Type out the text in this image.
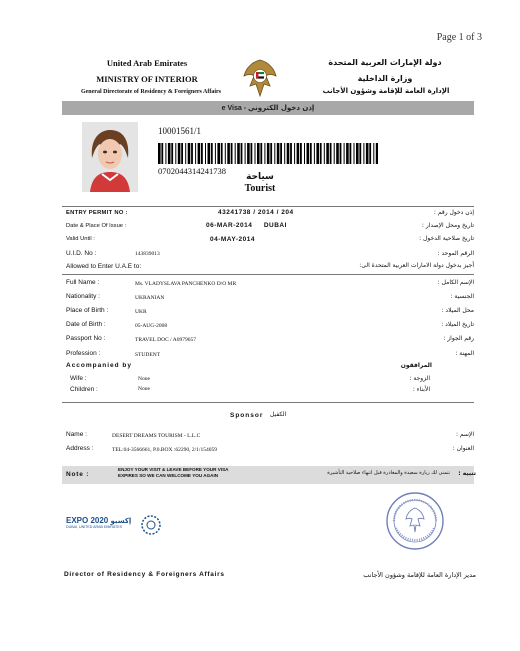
Page 1 of 3
United Arab Emirates
MINISTRY OF INTERIOR
General Directorate of Residency & Foreigners Affairs
دولة الإمارات العربية المتحدة
وزارة الداخلية
الإدارة العامة للإقامة وشؤون الأجانب
e Visa - إذن دخول الكتروني
10001561/1
0702044314241738
سياحة
Tourist
ENTRY PERMIT NO :	43241738 / 2014 / 204	إذن دخول رقم :
Date & Place Of Issue :	06-MAR-2014     DUBAI	تاريخ ومحل الإصدار :
Valid Until :	04-MAY-2014	تاريخ صلاحية الدخول :
U.I.D. No :	143839013	الرقم الموحد :
Allowed to Enter U.A.E to:	أجيز بدخول دولة الامارات العربية المتحدة الى:
Full Name :	Ms. VLADYSLAVA PANCHENKO D/O MR	الإسم الكامل :
Nationality :	UKRANIAN	الجنسية :
Place of Birth :	UKR	محل الميلاد :
Date of Birth :	05-AUG-2008	تاريخ الميلاد :
Passport No :	TRAVEL DOC / A0979657	رقم الجواز :
Profession :	STUDENT	المهنة :
Accompanied by	المرافقون
Wife :	None	الزوجة :
Children :	None	الأبناء :
Sponsor الكفيل
Name :	DESERT DREAMS TOURISM - L.L.C	الإسم :
Address :	TEL:04-3566661, P.0.BOX :62290, 2/1/154059	العنوان :
Note :
ENJOY YOUR VISIT & LEAVE BEFORE YOUR VISA
EXPIRES SO WE CAN WELCOME YOU AGAIN	نتمنى لك زيارة سعيدة والمغادرة قبل انتهاء صلاحية التأشيرة تنبيه :
EXPO 2020 إكسبو
DUBAI, UNITED ARAB EMIRATES
Director of Residency & Foreigners Affairs	مدير الإدارة العامة للإقامة وشؤون الأجانب
